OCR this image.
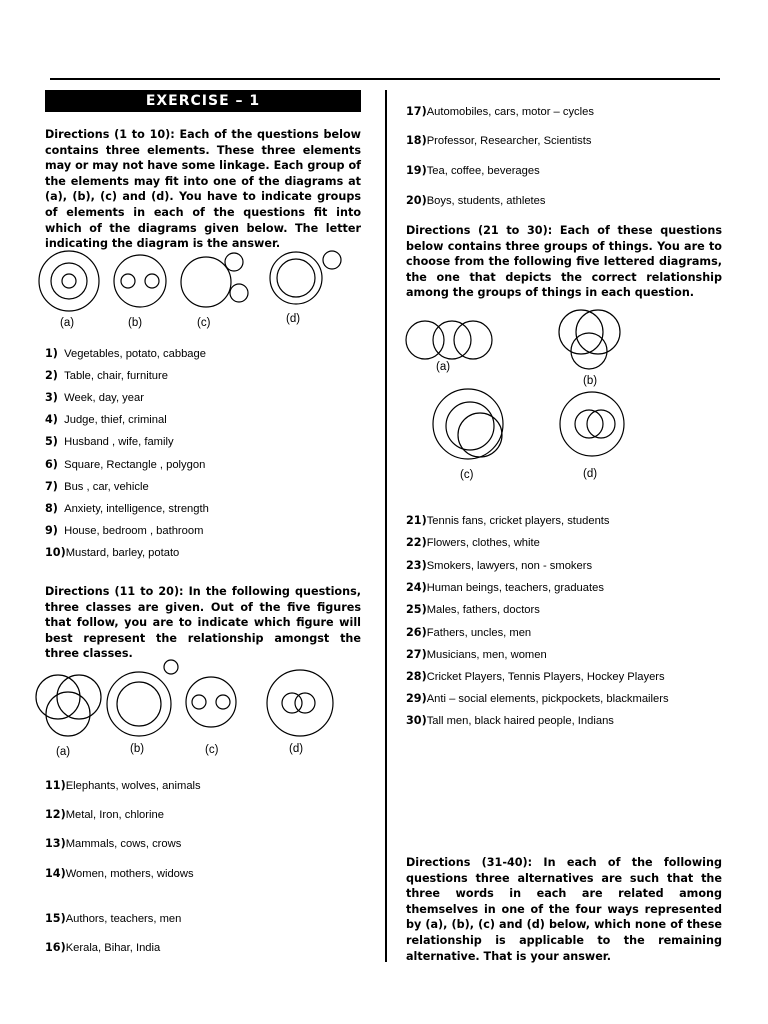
EXERCISE – 1
Directions (1 to 10): Each of the questions below contains three elements. These three elements may or may not have some linkage. Each group of the elements may fit into one of the diagrams at (a), (b), (c) and (d). You have to indicate groups of elements in each of the questions fit into which of the diagrams given below. The letter indicating the diagram is the answer.
(a)	(b)	(c)	(d)
1) Vegetables, potato, cabbage
2) Table, chair, furniture
3) Week, day, year
4) Judge, thief, criminal
5) Husband , wife, family
6) Square, Rectangle , polygon
7) Bus , car, vehicle
8) Anxiety, intelligence, strength
9) House, bedroom , bathroom
10)Mustard, barley, potato
Directions (11 to 20): In the following questions, three classes are given. Out of the five figures that follow, you are to indicate which figure will best represent the relationship amongst the three classes.
(a)	(b)	(c)	(d)
11)Elephants, wolves, animals
12)Metal, Iron, chlorine
13)Mammals, cows, crows
14)Women, mothers, widows
15)Authors, teachers, men
16)Kerala, Bihar, India
17)Automobiles, cars, motor – cycles
18)Professor, Researcher, Scientists
19)Tea, coffee, beverages
20)Boys, students, athletes
Directions (21 to 30): Each of these questions below contains three groups of things. You are to choose from the following five lettered diagrams, the one that depicts the correct relationship among the groups of things in each question.
(a)
(b)
(c)	(d)
21)Tennis fans, cricket players, students
22)Flowers, clothes, white
23)Smokers, lawyers, non - smokers
24)Human beings, teachers, graduates
25)Males, fathers, doctors
26)Fathers, uncles, men
27)Musicians, men, women
28)Cricket Players, Tennis Players, Hockey Players
29)Anti – social elements, pickpockets, blackmailers
30)Tall men, black haired people, Indians
Directions (31-40): In each of the following questions three alternatives are such that the three words in each are related among themselves in one of the four ways represented by (a), (b), (c) and (d) below, which none of these relationship is applicable to the remaining alternative. That is your answer.
